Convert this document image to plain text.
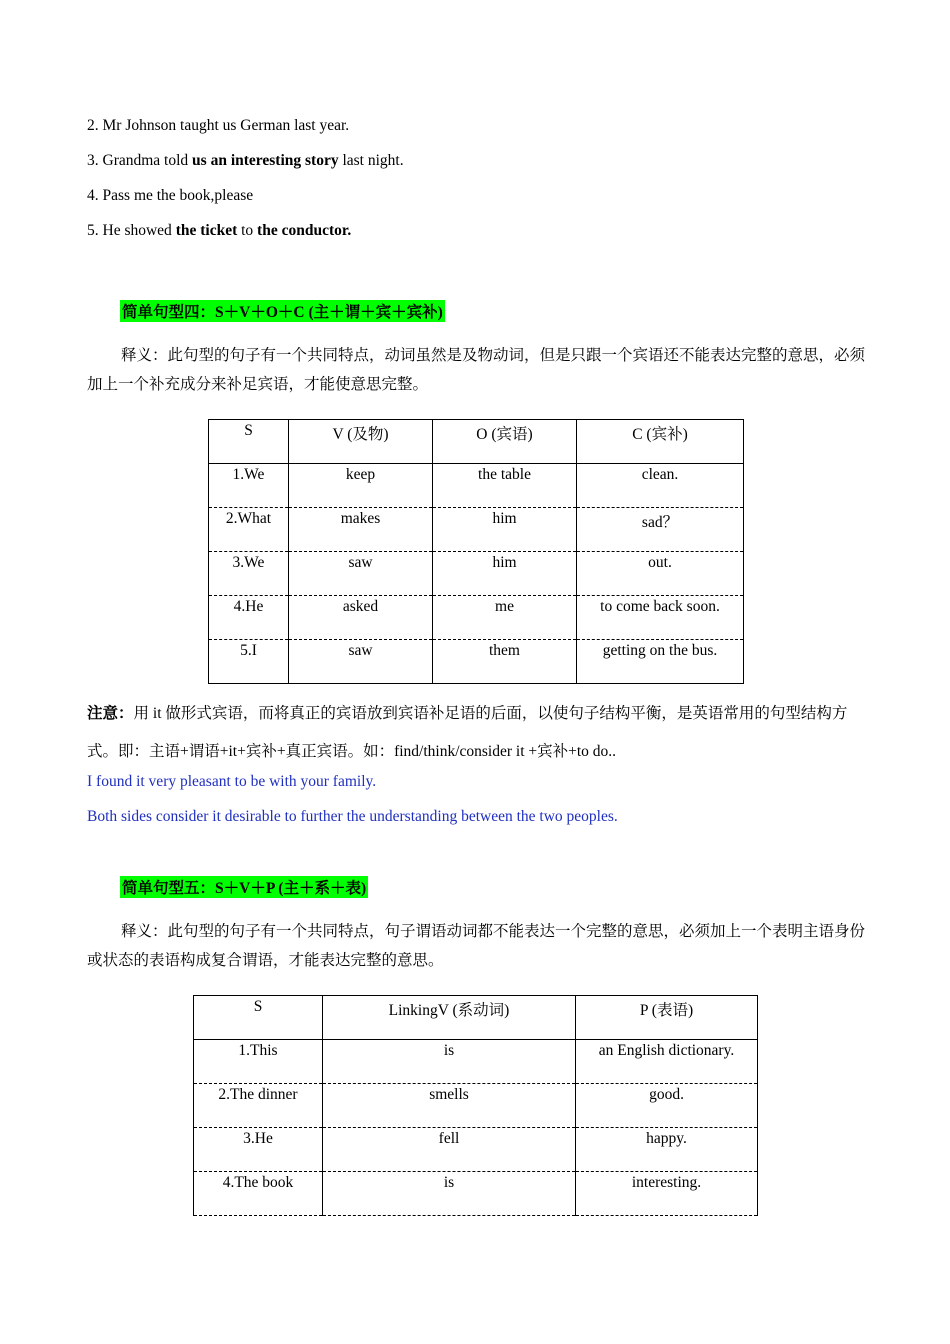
2. Mr Johnson taught us German last year.
3. Grandma told us an interesting story last night.
4. Pass me the book,please
5. He showed the ticket to the conductor.
简单句型四：S＋V＋O＋C (主＋谓＋宾＋宾补)
释义：此句型的句子有一个共同特点，动词虽然是及物动词，但是只跟一个宾语还不能表达完整的意思，必须加上一个补充成分来补足宾语，才能使意思完整。
S	V (及物)	O (宾语)	C (宾补)
1.We	keep	the table	clean.
2.What	makes	him	sad？
3.We	saw	him	out.
4.He	asked	me	to come back soon.
5.I	saw	them	getting on the bus.
注意：用 it 做形式宾语，而将真正的宾语放到宾语补足语的后面，以使句子结构平衡，是英语常用的句型结构方式。即：主语+谓语+it+宾补+真正宾语。如：find/think/consider it +宾补+to do..
I found it very pleasant to be with your family.
Both sides consider it desirable to further the understanding between the two peoples.
简单句型五：S＋V＋P (主＋系＋表)
释义：此句型的句子有一个共同特点，句子谓语动词都不能表达一个完整的意思，必须加上一个表明主语身份或状态的表语构成复合谓语，才能表达完整的意思。
S	LinkingV (系动词)	P (表语)
1.This	is	an English dictionary.
2.The dinner	smells	good.
3.He	fell	happy.
4.The book	is	interesting.
